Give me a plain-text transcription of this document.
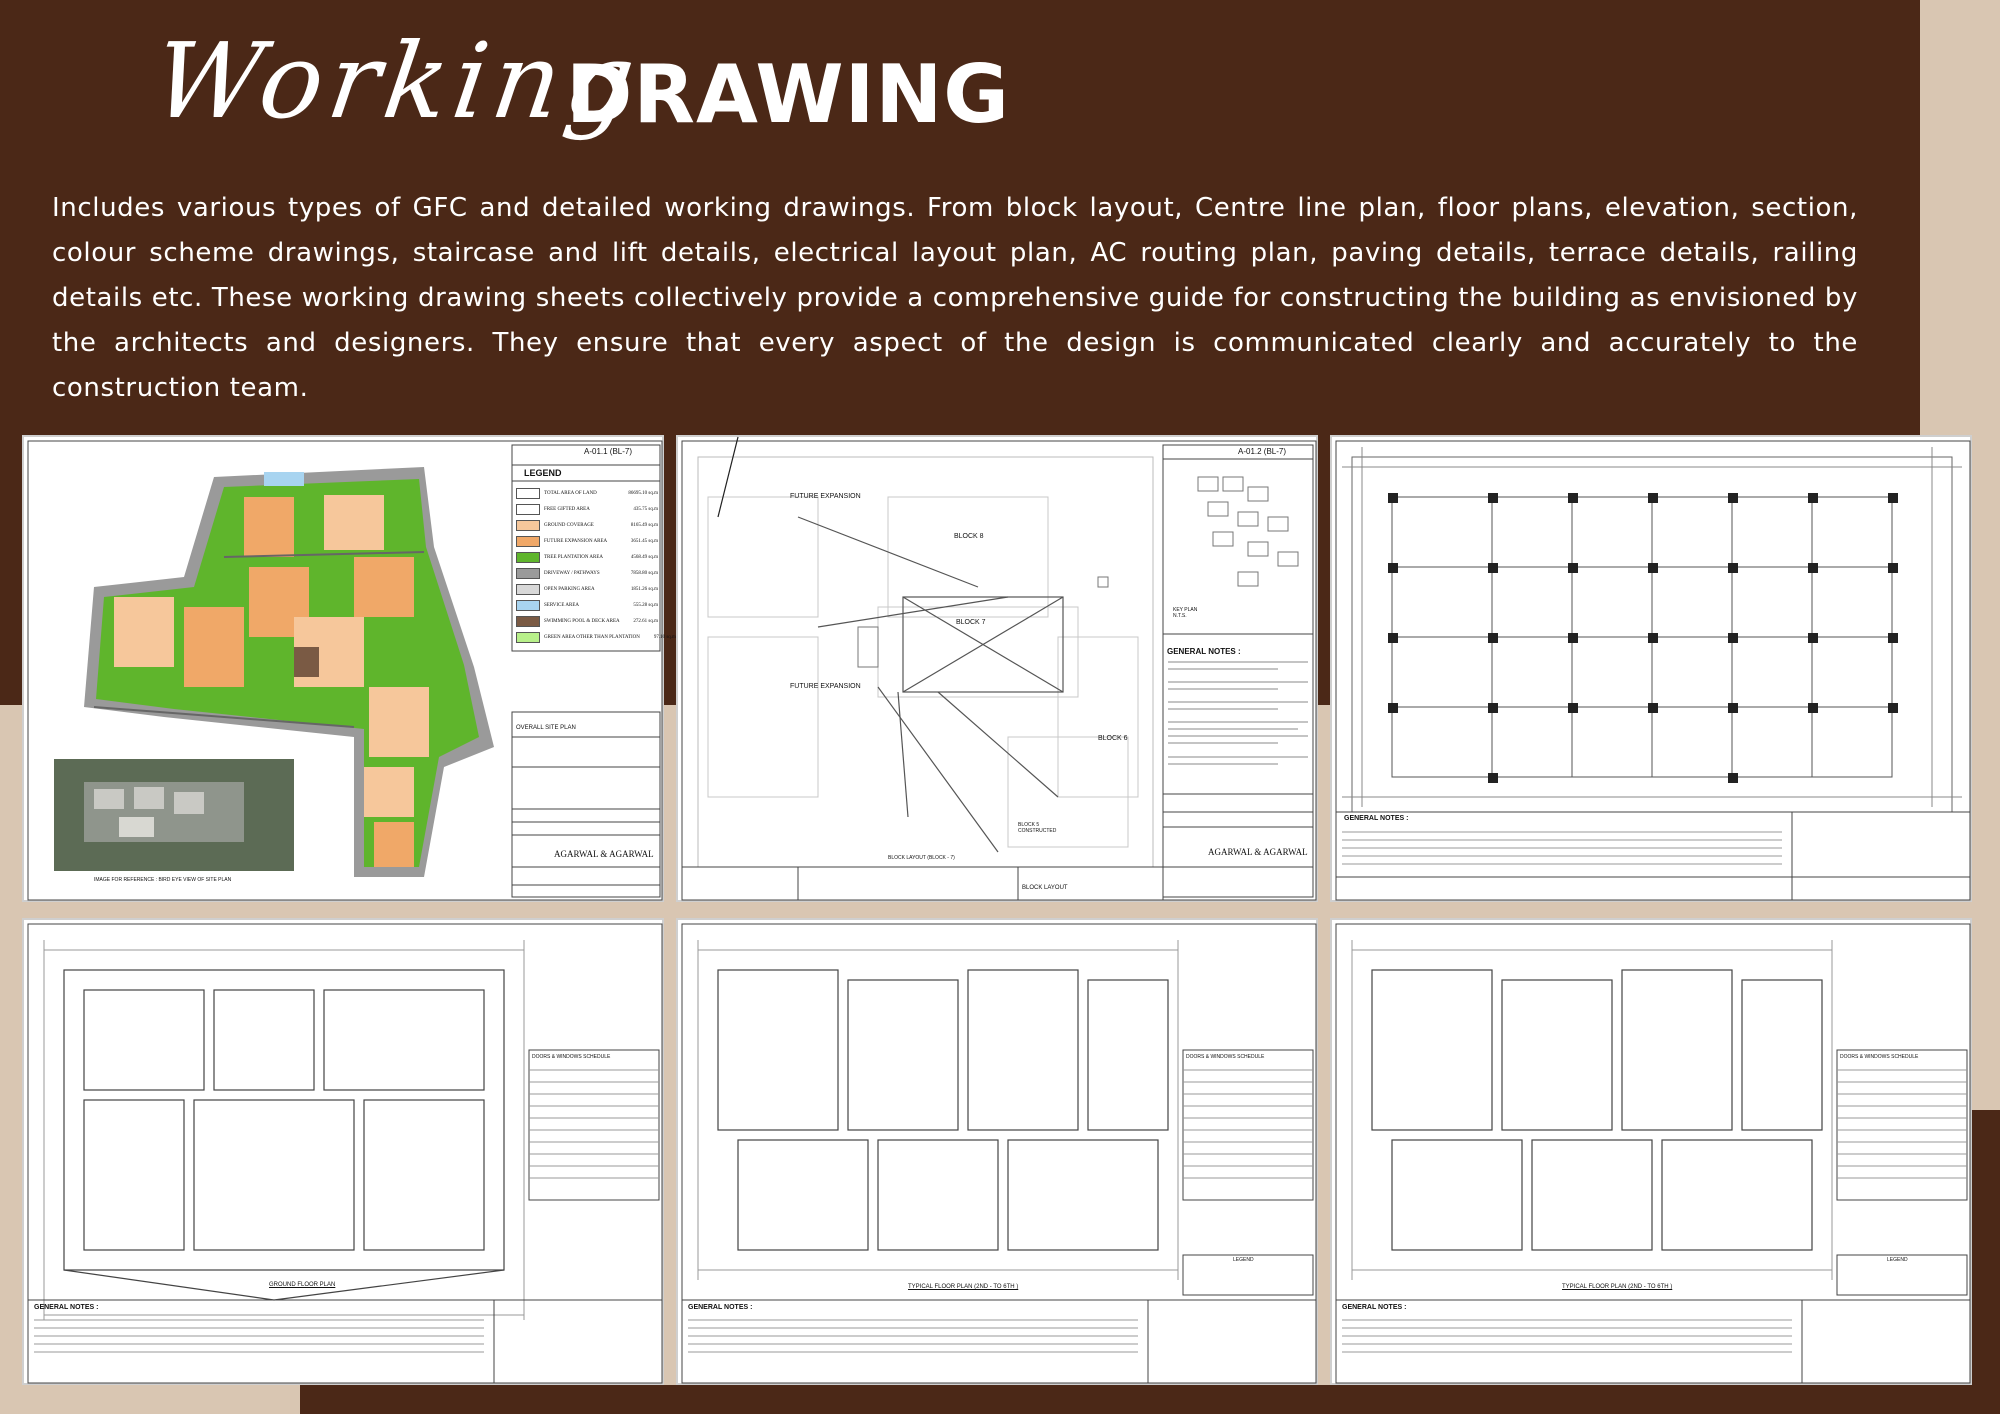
Working
DRAWING
Includes various types of GFC and detailed working drawings. From block layout, Centre line plan, floor plans, elevation, section, colour scheme drawings, staircase and lift details, electrical layout plan, AC routing plan, paving details, terrace details, railing details etc. These working drawing sheets collectively provide a comprehensive guide for constructing the building as envisioned by the architects and designers. They ensure that every aspect of the design is communicated clearly and accurately to the construction team.
A-01.1 (BL-7)
LEGEND
TOTAL AREA OF LAND	86695.10 sq.m
FREE GIFTED AREA	435.75 sq.m
GROUND COVERAGE	8165.49 sq.m
FUTURE EXPANSION AREA	3651.45 sq.m
TREE PLANTATION AREA	4568.49 sq.m
DRIVEWAY / PATHWAYS	7858.80 sq.m
OPEN PARKING AREA	1851.26 sq.m
SERVICE AREA	555.28 sq.m
SWIMMING POOL & DECK AREA	272.61 sq.m
GREEN AREA OTHER THAN PLANTATION	97.10 sq.m
OVERALL SITE PLAN
AGARWAL & AGARWAL
IMAGE FOR REFERENCE : BIRD EYE VIEW OF SITE PLAN
A-01.2 (BL-7)
FUTURE EXPANSION
BLOCK 8
BLOCK 7
FUTURE EXPANSION
BLOCK 6
BLOCK 5 CONSTRUCTED
KEY PLAN N.T.S.
GENERAL NOTES :
BLOCK LAYOUT
AGARWAL & AGARWAL
BLOCK LAYOUT (BLOCK - 7)
GENERAL NOTES :
DOORS & WINDOWS SCHEDULE
GROUND FLOOR PLAN
GENERAL NOTES :
DOORS & WINDOWS SCHEDULE
LEGEND
TYPICAL FLOOR PLAN (2ND - TO 6TH )
GENERAL NOTES :
DOORS & WINDOWS SCHEDULE
LEGEND
TYPICAL FLOOR PLAN (2ND - TO 6TH )
GENERAL NOTES :
